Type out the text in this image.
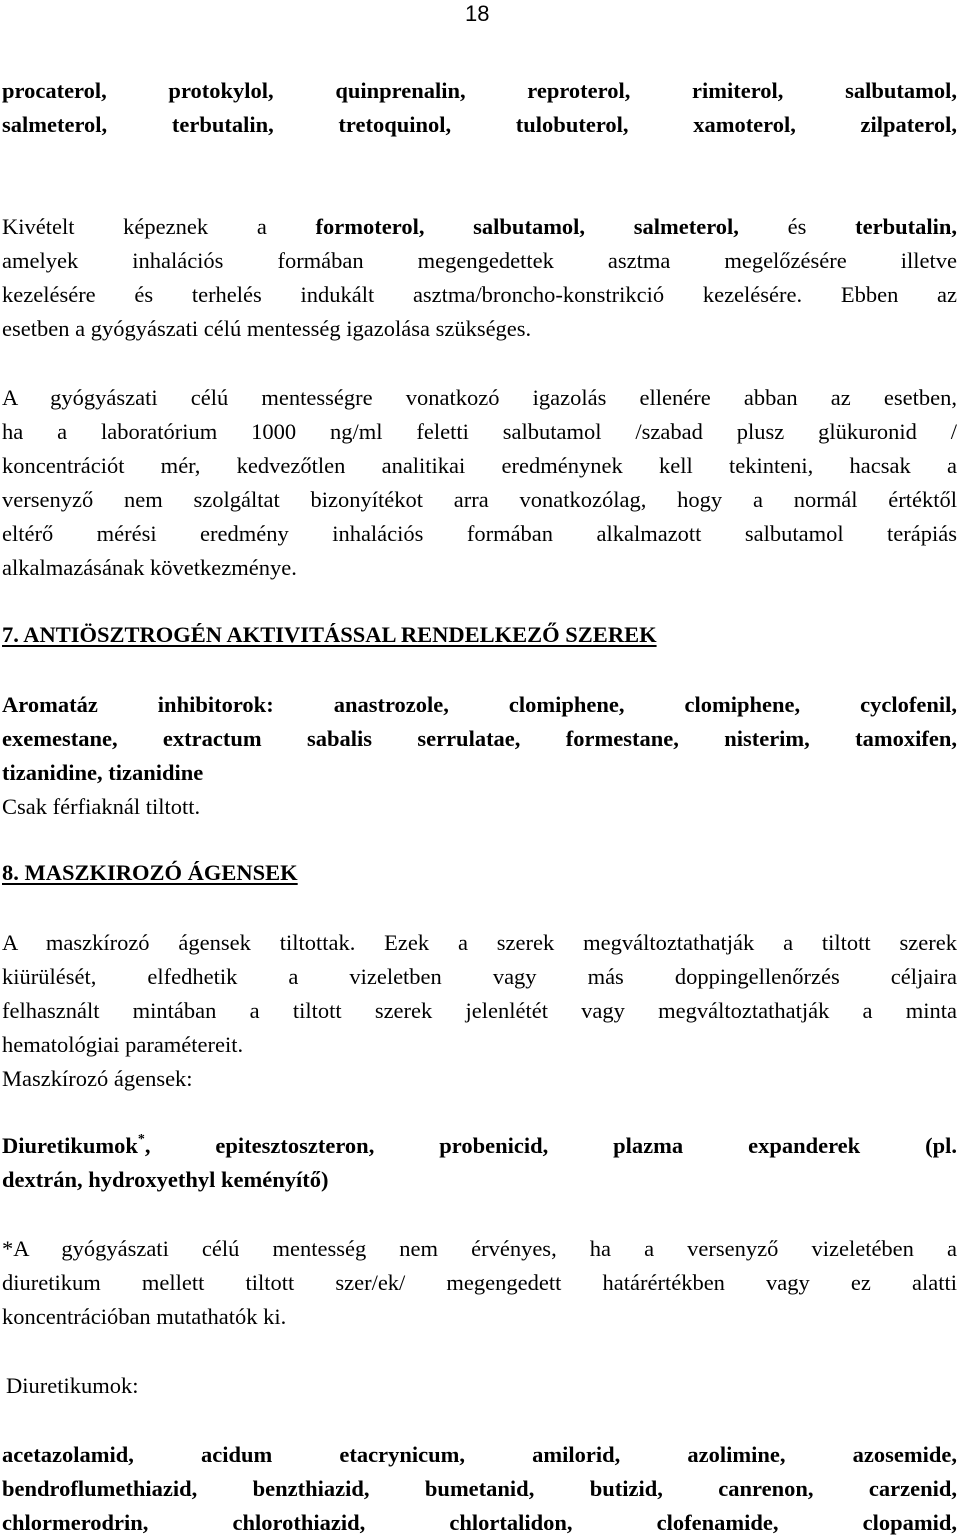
18
procaterol, protokylol, quinprenalin, reproterol, rimiterol, salbutamol,
salmeterol, terbutalin, tretoquinol, tulobuterol, xamoterol, zilpaterol,
Kivételt képeznek a formoterol, salbutamol, salmeterol, és terbutalin,
amelyek inhalációs formában megengedettek asztma megelőzésére illetve
kezelésére és terhelés indukált asztma/broncho-konstrikció kezelésére. Ebben az
esetben a gyógyászati célú mentesség igazolása szükséges.
A gyógyászati célú mentességre vonatkozó igazolás ellenére abban az esetben,
ha a laboratórium 1000 ng/ml feletti salbutamol /szabad plusz glükuronid /
koncentrációt mér, kedvezőtlen analitikai eredménynek kell tekinteni, hacsak a
versenyző nem szolgáltat bizonyítékot arra vonatkozólag, hogy a normál értéktől
eltérő mérési eredmény inhalációs formában alkalmazott salbutamol terápiás
alkalmazásának következménye.
7. ANTIÖSZTROGÉN AKTIVITÁSSAL RENDELKEZŐ SZEREK
Aromatáz inhibitorok: anastrozole, clomiphene, clomiphene, cyclofenil,
exemestane, extractum sabalis serrulatae, formestane, nisterim, tamoxifen,
tizanidine, tizanidine
Csak férfiaknál tiltott.
8. MASZKIROZÓ ÁGENSEK
A maszkírozó ágensek tiltottak. Ezek a szerek megváltoztathatják a tiltott szerek
kiürülését, elfedhetik a vizeletben vagy más doppingellenőrzés céljaira
felhasznált mintában a tiltott szerek jelenlétét vagy megváltoztathatják a minta
hematológiai paramétereit.
Maszkírozó ágensek:
Diuretikumok*, epitesztoszteron, probenicid, plazma expanderek (pl.
dextrán, hydroxyethyl keményítő)
*A gyógyászati célú mentesség nem érvényes, ha a versenyző vizeletében a
diuretikum mellett tiltott szer/ek/ megengedett határértékben vagy ez alatti
koncentrációban mutathatók ki.
Diuretikumok:
acetazolamid, acidum etacrynicum, amilorid, azolimine, azosemide,
bendroflumethiazid, benzthiazid, bumetanid, butizid, canrenon, carzenid,
chlormerodrin, chlorothiazid, chlortalidon, clofenamide, clopamid,
